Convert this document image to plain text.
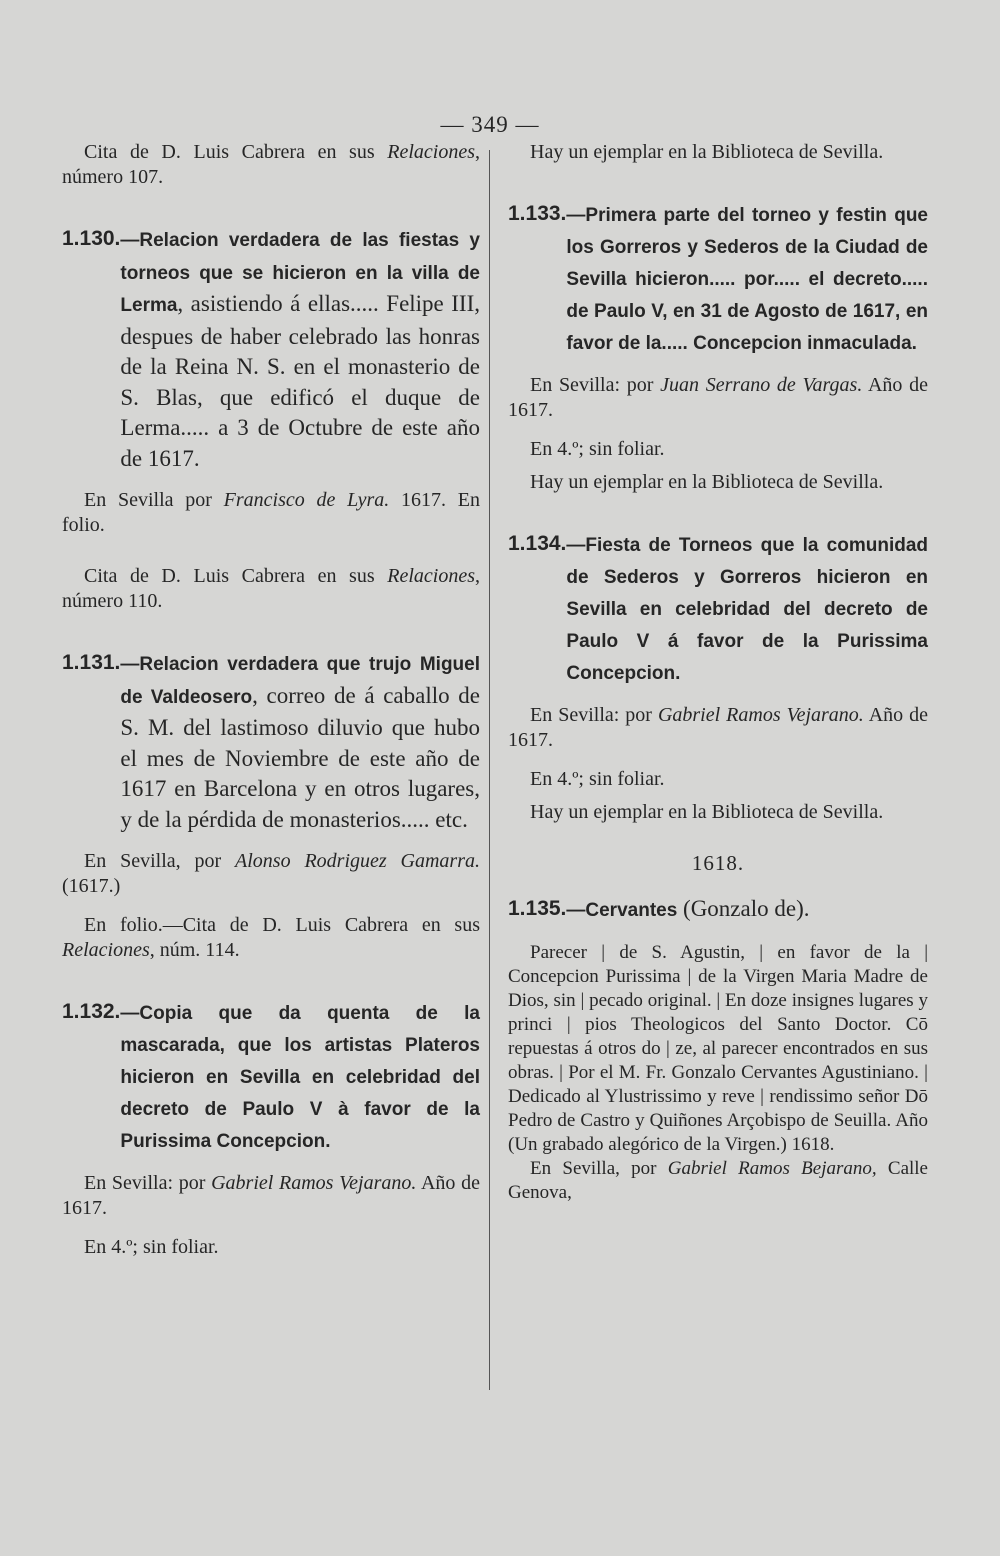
— 349 —

Cita de D. Luis Cabrera en sus Relaciones, número 107.

1.130. —Relacion verdadera de las fiestas y torneos que se hicieron en la villa de Lerma, asistiendo á ellas..... Felipe III, despues de haber celebrado las honras de la Reina N. S. en el monasterio de S. Blas, que edificó el duque de Lerma..... a 3 de Octubre de este año de 1617.

En Sevilla por Francisco de Lyra. 1617. En folio.

Cita de D. Luis Cabrera en sus Relaciones, número 110.

1.131. —Relacion verdadera que trujo Miguel de Valdeosero, correo de á caballo de S. M. del lastimoso diluvio que hubo el mes de Noviembre de este año de 1617 en Barcelona y en otros lugares, y de la pérdida de monasterios..... etc.

En Sevilla, por Alonso Rodriguez Gamarra. (1617.)

En folio.—Cita de D. Luis Cabrera en sus Relaciones, núm. 114.

1.132. —Copia que da quenta de la mascarada, que los artistas Plateros hicieron en Sevilla en celebridad del decreto de Paulo V à favor de la Purissima Concepcion.

En Sevilla: por Gabriel Ramos Vejarano. Año de 1617.

En 4.º; sin foliar.

Hay un ejemplar en la Biblioteca de Sevilla.

1.133. —Primera parte del torneo y festin que los Gorreros y Sederos de la Ciudad de Sevilla hicieron..... por..... el decreto..... de Paulo V, en 31 de Agosto de 1617, en favor de la..... Concepcion inmaculada.

En Sevilla: por Juan Serrano de Vargas. Año de 1617.

En 4.º; sin foliar.

Hay un ejemplar en la Biblioteca de Sevilla.

1.134. —Fiesta de Torneos que la comunidad de Sederos y Gorreros hicieron en Sevilla en celebridad del decreto de Paulo V á favor de la Purissima Concepcion.

En Sevilla: por Gabriel Ramos Vejarano. Año de 1617.

En 4.º; sin foliar.

Hay un ejemplar en la Biblioteca de Sevilla.

1618.
1.135. —Cervantes (Gonzalo de).

Parecer | de S. Agustin, | en favor de la | Concepcion Purissima | de la Virgen Maria Madre de Dios, sin | pecado original. | En doze insignes lugares y princi | pios Theologicos del Santo Doctor. Cō repuestas á otros do | ze, al parecer encontrados en sus obras. | Por el M. Fr. Gonzalo Cervantes Agustiniano. | Dedicado al Ylustrissimo y reve | rendissimo señor Dō Pedro de Castro y Quiñones Arçobispo de Seuilla. Año (Un grabado alegórico de la Virgen.) 1618.

En Sevilla, por Gabriel Ramos Bejarano, Calle Genova,
